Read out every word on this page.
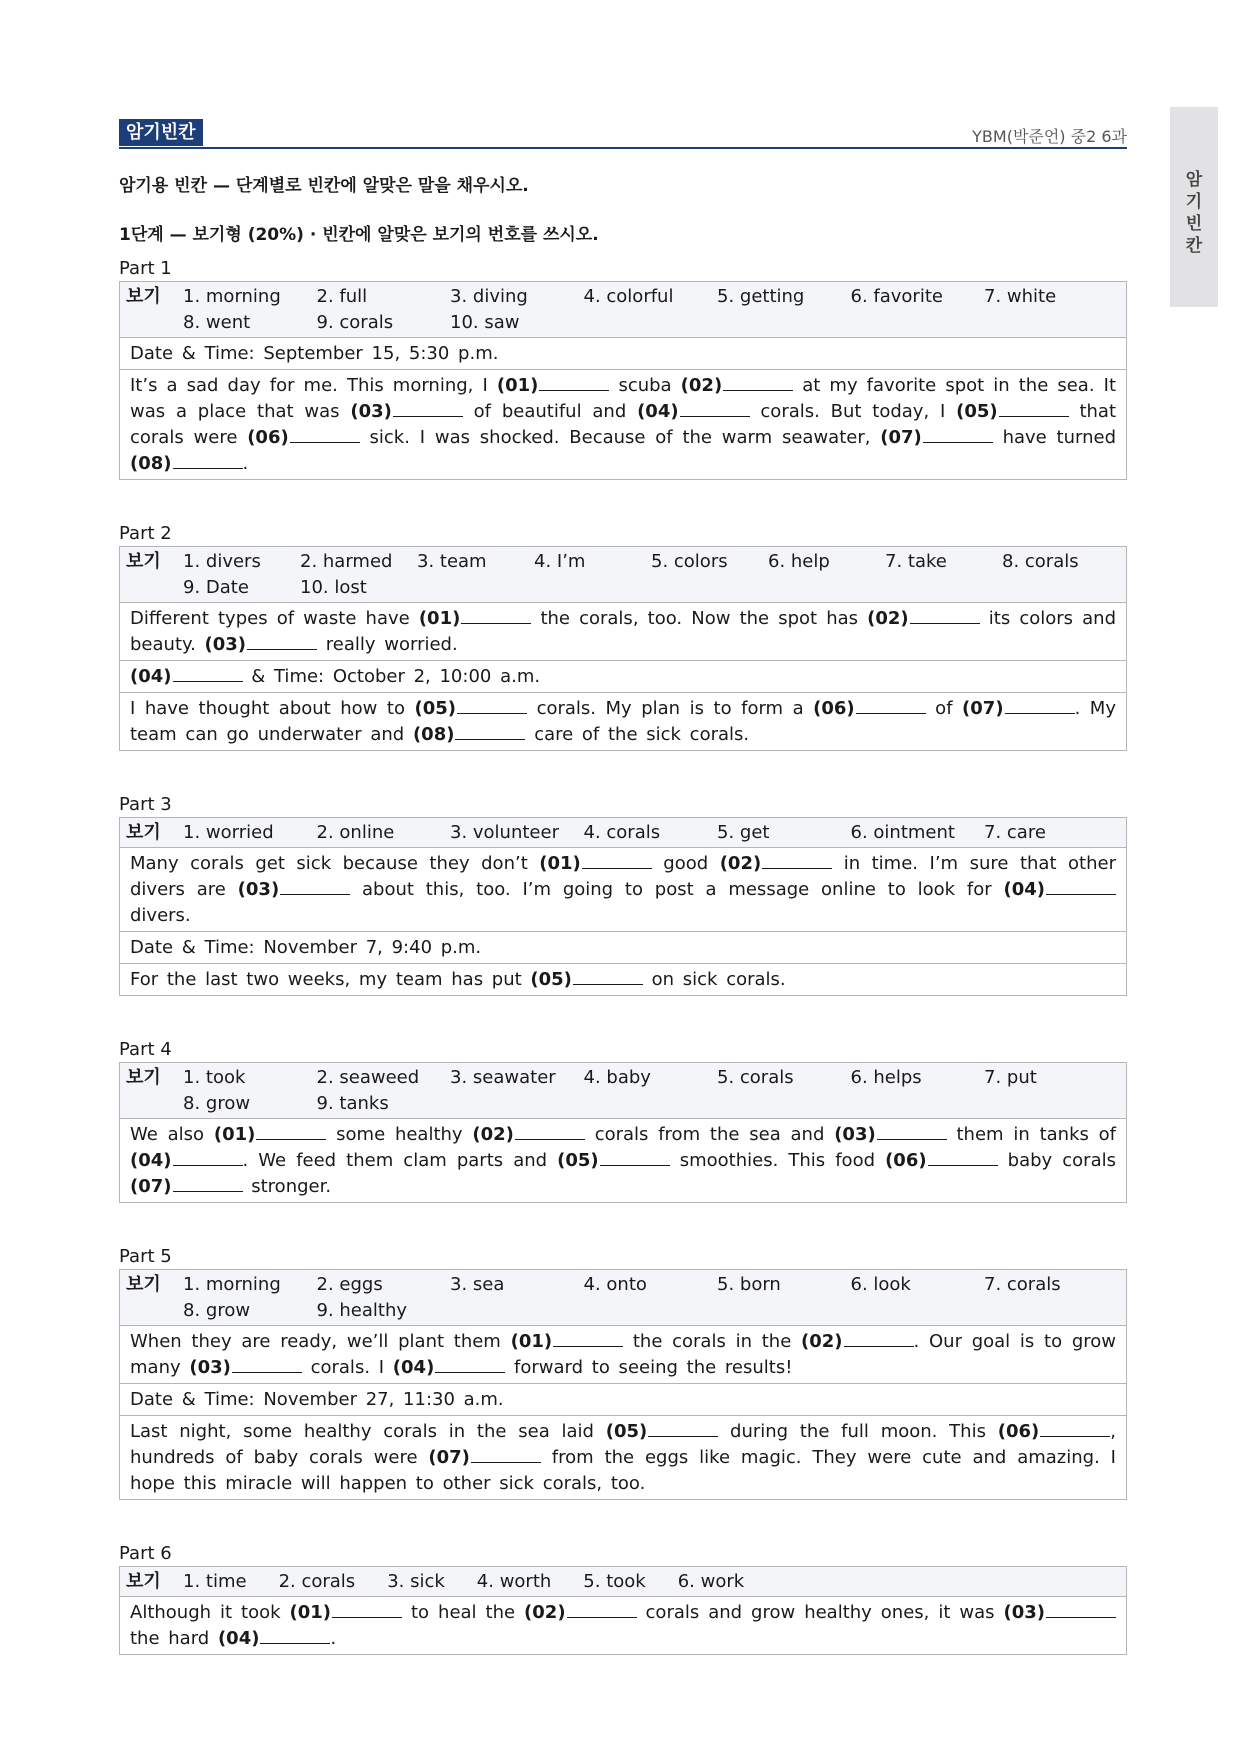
암
기
빈
칸
암기빈칸	YBM(박준언) 중2 6과

암기용 빈칸 — 단계별로 빈칸에 알맞은 말을 채우시오.

1단계 — 보기형 (20%) · 빈칸에 알맞은 보기의 번호를 쓰시오.

Part 1
보기	1. morning	2. full	3. diving	4. colorful	5. getting	6. favorite	7. white
8. went	9. corals	10. saw
Date & Time: September 15, 5:30 p.m.
It’s a sad day for me. This morning, I (01)	scuba (02)	at my favorite spot in the sea. It was a place that was (03)	of beautiful and (04)	corals. But today, I (05)	that corals were (06)	sick. I was shocked. Because of the warm seawater, (07)	have turned (08)	.
Part 2
보기	1. divers	2. harmed	3. team	4. I’m	5. colors	6. help	7. take	8. corals
9. Date	10. lost
Different types of waste have (01)	the corals, too. Now the spot has (02)	its colors and beauty. (03)	really worried.
(04)	& Time: October 2, 10:00 a.m.
I have thought about how to (05)	corals. My plan is to form a (06)	of (07)	. My team can go underwater and (08)	care of the sick corals.
Part 3
보기	1. worried	2. online	3. volunteer	4. corals	5. get	6. ointment	7. care
Many corals get sick because they don’t (01)	good (02)	in time. I’m sure that other divers are (03)	about this, too. I’m going to post a message online to look for (04) divers.
Date & Time: November 7, 9:40 p.m.
For the last two weeks, my team has put (05)	on sick corals.
Part 4
보기	1. took	2. seaweed	3. seawater	4. baby	5. corals	6. helps	7. put
8. grow	9. tanks
We also (01)	some healthy (02)	corals from the sea and (03)	them in tanks of (04)	. We feed them clam parts and (05)	smoothies. This food (06)	baby corals (07)	stronger.
Part 5
보기	1. morning	2. eggs	3. sea	4. onto	5. born	6. look	7. corals
8. grow	9. healthy
When they are ready, we’ll plant them (01)	the corals in the (02)	. Our goal is to grow many (03)	corals. I (04)	forward to seeing the results!
Date & Time: November 27, 11:30 a.m.
Last night, some healthy corals in the sea laid (05)	during the full moon. This (06)	, hundreds of baby corals were (07)	from the eggs like magic. They were cute and amazing. I hope this miracle will happen to other sick corals, too.
Part 6
보기	1. time 2. corals 3. sick 4. worth 5. took 6. work
Although it took (01)	to heal the (02)	corals and grow healthy ones, it was (03) the hard (04)	.
